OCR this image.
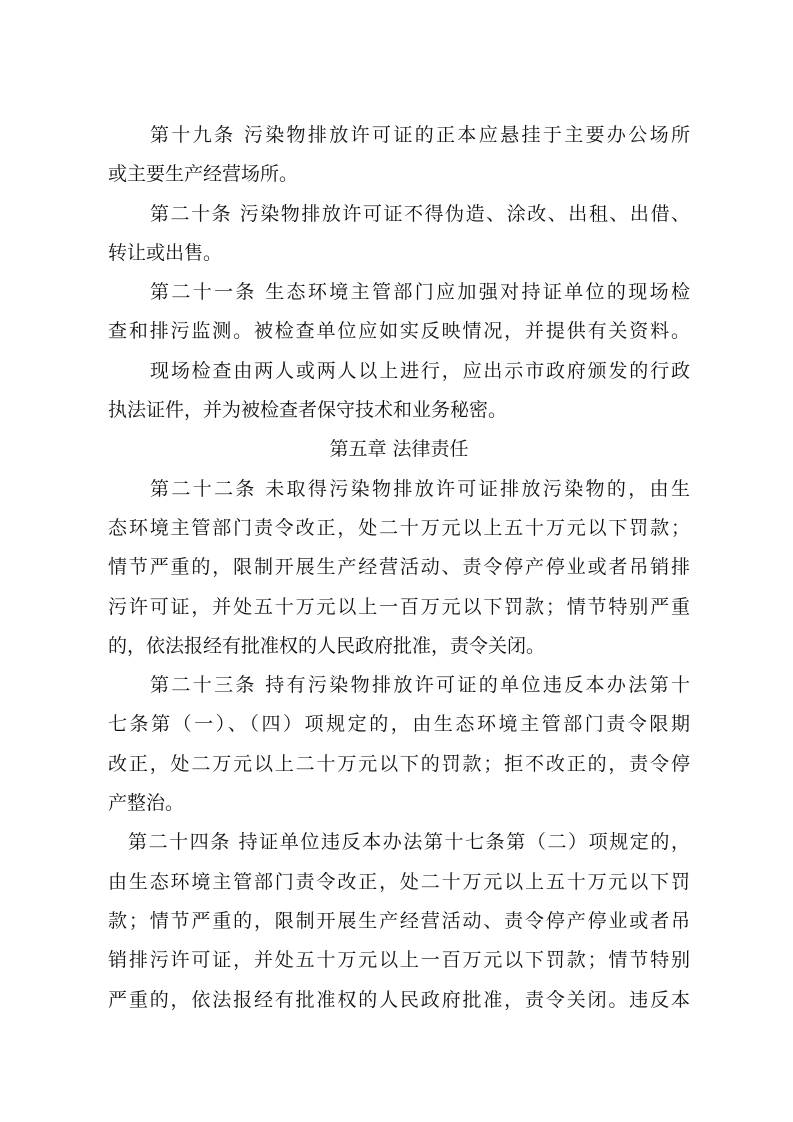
第十九条 污染物排放许可证的正本应悬挂于主要办公场所
或主要生产经营场所。
第二十条 污染物排放许可证不得伪造、涂改、出租、出借、
转让或出售。
第二十一条 生态环境主管部门应加强对持证单位的现场检
查和排污监测。被检查单位应如实反映情况，并提供有关资料。
现场检查由两人或两人以上进行，应出示市政府颁发的行政
执法证件，并为被检查者保守技术和业务秘密。
第五章 法律责任
第二十二条 未取得污染物排放许可证排放污染物的，由生
态环境主管部门责令改正，处二十万元以上五十万元以下罚款；
情节严重的，限制开展生产经营活动、责令停产停业或者吊销排
污许可证，并处五十万元以上一百万元以下罚款；情节特别严重
的，依法报经有批准权的人民政府批准，责令关闭。
第二十三条 持有污染物排放许可证的单位违反本办法第十
七条第（一）、（四）项规定的，由生态环境主管部门责令限期
改正，处二万元以上二十万元以下的罚款；拒不改正的，责令停
产整治。
第二十四条 持证单位违反本办法第十七条第（二）项规定的，
由生态环境主管部门责令改正，处二十万元以上五十万元以下罚
款；情节严重的，限制开展生产经营活动、责令停产停业或者吊
销排污许可证，并处五十万元以上一百万元以下罚款；情节特别
严重的，依法报经有批准权的人民政府批准，责令关闭。违反本
